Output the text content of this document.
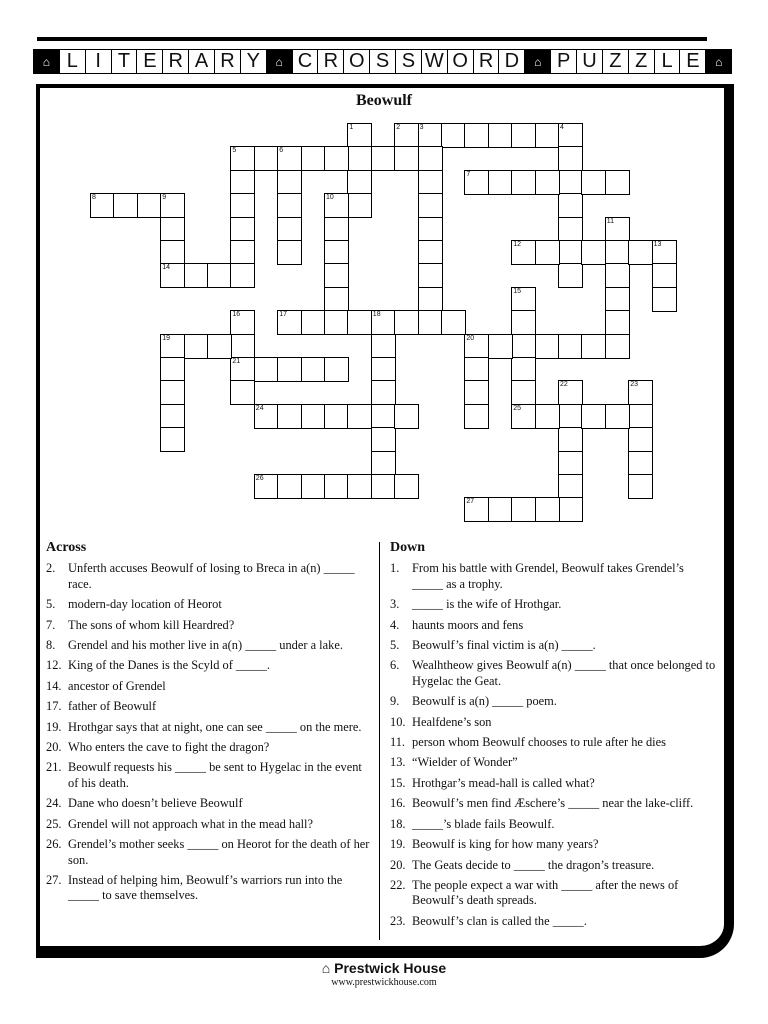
⌂ L I T E R A R Y	⌂ C R O S S W O R D	⌂ P U Z Z L E	⌂
Beowulf
1	2	3	4
5	6
7
8	9
14
10
11
12	13
15
25
16
21
17	18
19	20
22	23
24
26
27
Across
2.	Unferth accuses Beowulf of losing to Breca in a(n) _____ race.
5.	modern-day location of Heorot
7.	The sons of whom kill Heardred?
8.	Grendel and his mother live in a(n) _____ under a lake.
12. King of the Danes is the Scyld of _____.
14. ancestor of Grendel
17. father of Beowulf
19. Hrothgar says that at night, one can see _____ on the mere.
20. Who enters the cave to fight the dragon?
21. Beowulf requests his _____ be sent to Hygelac in the event of his death.
24. Dane who doesn’t believe Beowulf
25. Grendel will not approach what in the mead hall?
26. Grendel’s mother seeks _____ on Heorot for the death of her son.
27. Instead of helping him, Beowulf’s warriors run into the _____ to save themselves.
Down
1.	From his battle with Grendel, Beowulf takes Grendel’s _____ as a trophy.
3.	_____ is the wife of Hrothgar.
4.	haunts moors and fens
5.	Beowulf’s final victim is a(n) _____.
6.	Wealhtheow gives Beowulf a(n) _____ that once belonged to Hygelac the Geat.
9.	Beowulf is a(n) _____ poem.
10. Healfdene’s son
11. person whom Beowulf chooses to rule after he dies
13. “Wielder of Wonder”
15. Hrothgar’s mead-hall is called what?
16. Beowulf’s men find Æschere’s _____ near the lake-cliff.
18. _____’s blade fails Beowulf.
19. Beowulf is king for how many years?
20. The Geats decide to _____ the dragon’s treasure.
22. The people expect a war with _____ after the news of Beowulf’s death spreads.
23. Beowulf’s clan is called the _____.
⌂ Prestwick House
www.prestwickhouse.com
